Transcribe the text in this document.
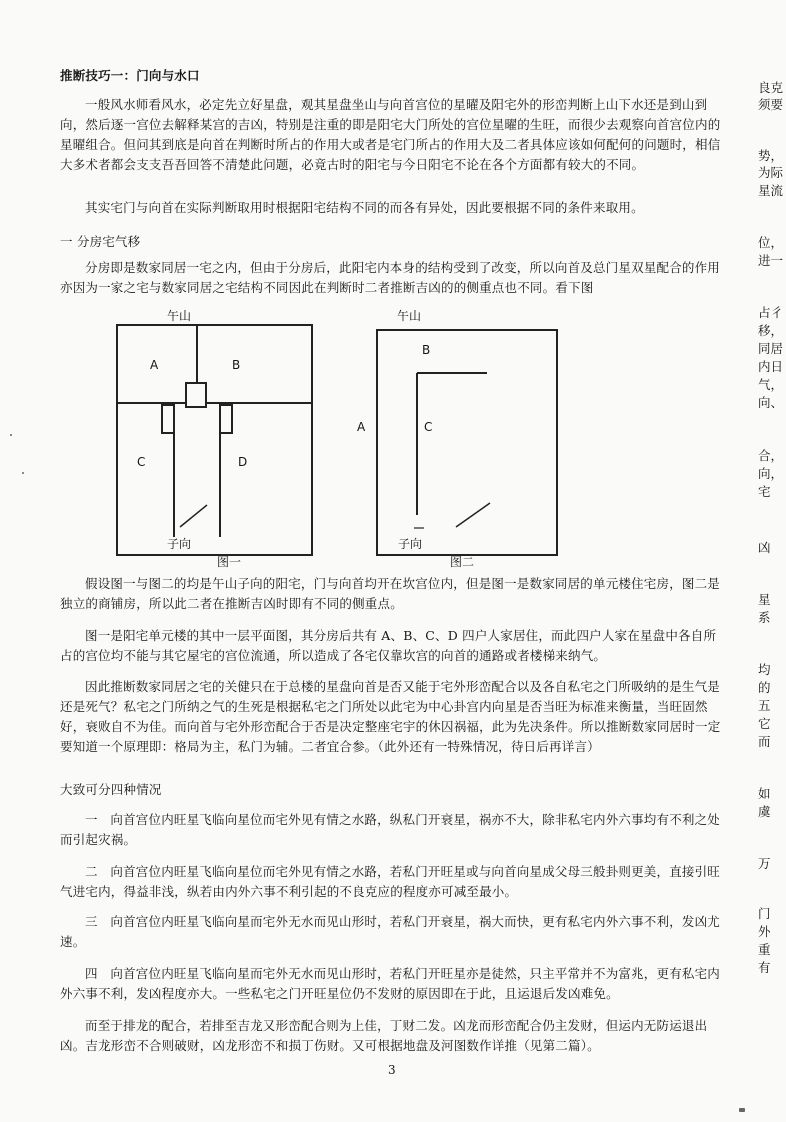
推断技巧一：门向与水口

一般风水师看风水，必定先立好星盘，观其星盘坐山与向首宫位的星曜及阳宅外的形峦判断上山下水还是到山到向，然后逐一宫位去解释某宫的吉凶，特别是注重的即是阳宅大门所处的宫位星曜的生旺，而很少去观察向首宫位内的星曜组合。但问其到底是向首在判断时所占的作用大或者是宅门所占的作用大及二者具体应该如何配何的问题时，相信大多术者都会支支吾吾回答不清楚此问题，必竟古时的阳宅与今日阳宅不论在各个方面都有较大的不同。

其实宅门与向首在实际判断取用时根据阳宅结构不同的而各有异处，因此要根据不同的条件来取用。

一 分房宅气移

分房即是数家同居一宅之内，但由于分房后，此阳宅内本身的结构受到了改变，所以向首及总门星双星配合的作用亦因为一家之宅与数家同居之宅结构不同因此在判断时二者推断吉凶的的侧重点也不同。看下图

午山
A	B
C	D
子向
图一
午山
B
A	C
子向
图二

假设图一与图二的均是午山子向的阳宅，门与向首均开在坎宫位内，但是图一是数家同居的单元楼住宅房，图二是独立的商铺房，所以此二者在推断吉凶时即有不同的侧重点。

图一是阳宅单元楼的其中一层平面图，其分房后共有 A、B、C、D 四户人家居住，而此四户人家在星盘中各自所占的宫位均不能与其它屋宅的宫位流通，所以造成了各宅仅靠坎宫的向首的通路或者楼梯来纳气。

因此推断数家同居之宅的关健只在于总楼的星盘向首是否又能于宅外形峦配合以及各自私宅之门所吸纳的是生气是还是死气？私宅之门所纳之气的生死是根据私宅之门所处以此宅为中心卦宫内向星是否当旺为标准来衡量，当旺固然好，衰败自不为佳。而向首与宅外形峦配合于否是决定整座宅宇的休囚祸福，此为先决条件。所以推断数家同居时一定要知道一个原理即：格局为主，私门为辅。二者宜合参。（此外还有一特殊情况，待日后再详言）

大致可分四种情况

一　向首宫位内旺星飞临向星位而宅外见有情之水路，纵私门开衰星，祸亦不大，除非私宅内外六事均有不利之处而引起灾祸。

二　向首宫位内旺星飞临向星位而宅外见有情之水路，若私门开旺星或与向首向星成父母三般卦则更美，直接引旺气进宅内，得益非浅，纵若由内外六事不利引起的不良克应的程度亦可减至最小。

三　向首宫位内旺星飞临向星而宅外无水而见山形时，若私门开衰星，祸大而快，更有私宅内外六事不利，发凶尤速。

四　向首宫位内旺星飞临向星而宅外无水而见山形时，若私门开旺星亦是徒然，只主平常并不为富兆，更有私宅内外六事不利，发凶程度亦大。一些私宅之门开旺星位仍不发财的原因即在于此，且运退后发凶难免。

而至于排龙的配合，若排至吉龙又形峦配合则为上佳，丁财二发。凶龙而形峦配合仍主发财，但运内无防运退出凶。吉龙形峦不合则破财，凶龙形峦不和损丁伤财。又可根据地盘及河图数作详推（见第二篇）。

3
良克
须要
势，
为际
星流
位，
进一
占彳
移，
同居
内日
气，
向、
合，
向，
宅
凶
星
系
均
的
五
它
而
如
虞
万
门
外
重
有
